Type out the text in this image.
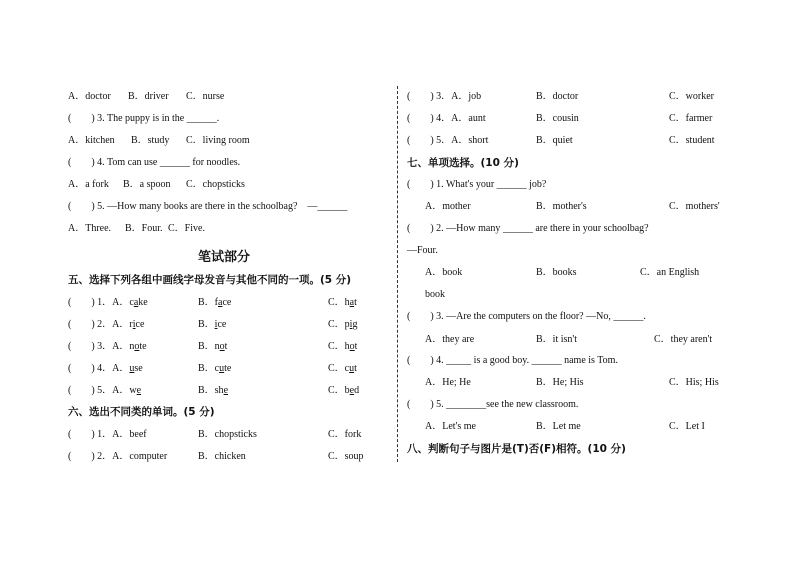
A．doctor B．driver C．nurse
(　　) 3. The puppy is in the ______.
A．kitchen B．study C．living room
(　　) 4. Tom can use ______ for noodles.
A．a fork B．a spoon C．chopsticks
(　　) 5. —How many books are there in the schoolbag?　—______
A．Three. B．Four. C．Five.
笔试部分
五、选择下列各组中画线字母发音与其他不同的一项。(5 分)
(　　) 1．A．cake	B．face	C．hat
(　　) 2．A．rice	B．ice	C．pig
(　　) 3．A．note	B．not	C．hot
(　　) 4．A．use	B．cute	C．cut
(　　) 5．A．we	B．she	C．bed
六、选出不同类的单词。(5 分)
(　　) 1．A．beef	B．chopsticks	C．fork
(　　) 2．A．computer	B．chicken	C．soup
(　　) 3．A．job	B．doctor	C．worker
(　　) 4．A．aunt	B．cousin	C．farmer
(　　) 5．A．short	B．quiet	C．student
七、单项选择。(10 分)
(　　) 1. What's your ______ job?
A．mother	B．mother's	C．mothers'
(　　) 2. —How many ______ are there in your schoolbag?
—Four.
A．book	B．books	C．an English
book
(　　) 3. —Are the computers on the floor? —No, ______.
A．they are	B．it isn't	C．they aren't
(　　) 4. _____ is a good boy. ______ name is Tom.
A．He; He	B．He; His	C．His; His
(　　) 5. ________see the new classroom.
A．Let's me	B．Let me	C．Let I
八、判断句子与图片是(T)否(F)相符。(10 分)
